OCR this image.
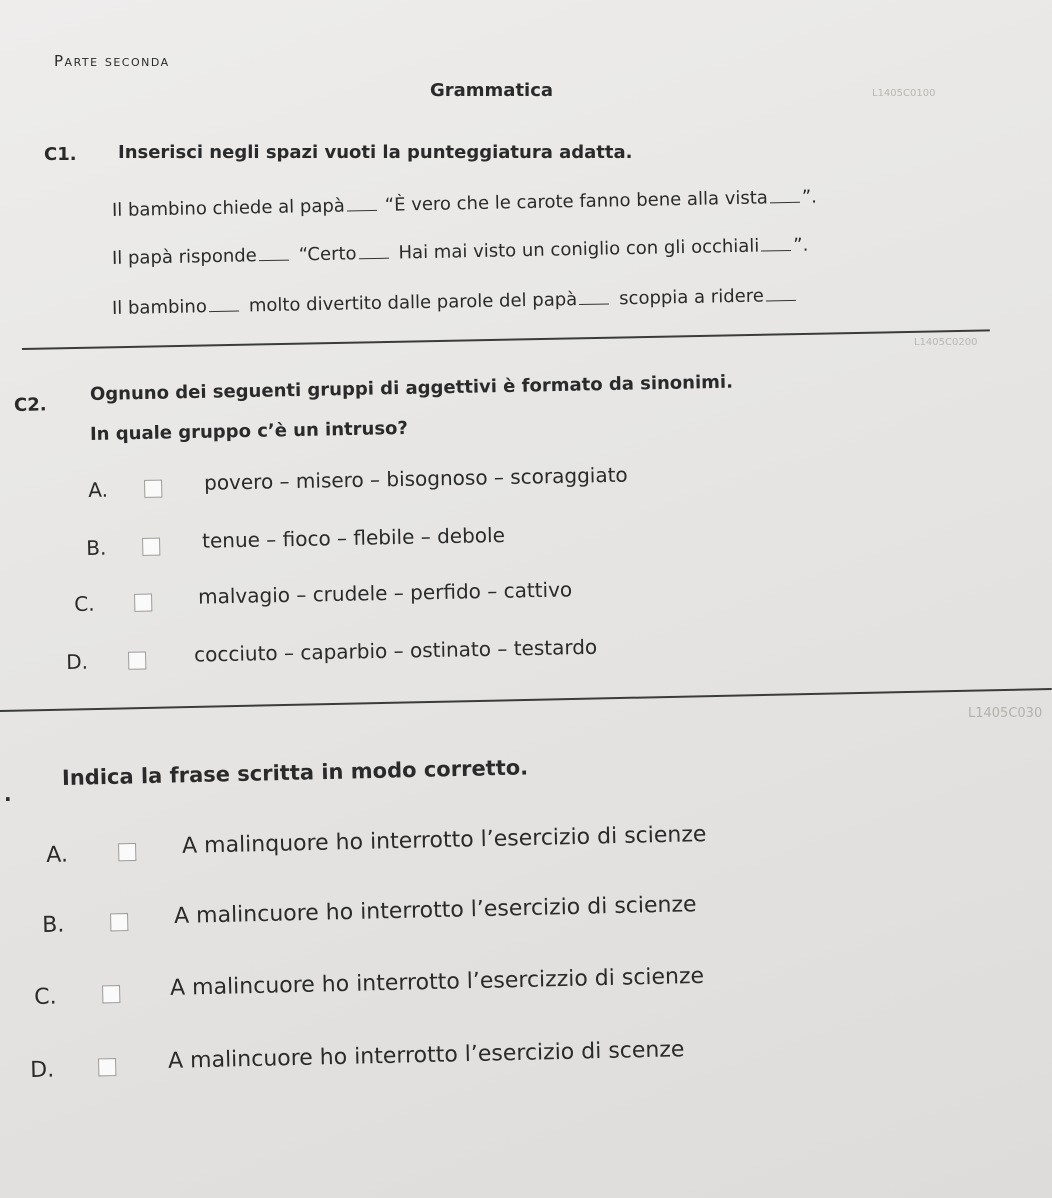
Parte seconda
Grammatica	L1405C0100
C1. Inserisci negli spazi vuoti la punteggiatura adatta.
Il bambino chiede al papà “È vero che le carote fanno bene alla vista ”.
Il papà risponde “Certo Hai mai visto un coniglio con gli occhiali ”.
Il bambino molto divertito dalle parole del papà scoppia a ridere
L1405C0200
C2.
Ognuno dei seguenti gruppi di aggettivi è formato da sinonimi.
In quale gruppo c’è un intruso?
A.	povero – misero – bisognoso – scoraggiato
B.	tenue – fioco – flebile – debole
C.	malvagio – crudele – perfido – cattivo
D.	cocciuto – caparbio – ostinato – testardo
L1405C030
.
Indica la frase scritta in modo corretto.
A.	A malinquore ho interrotto l’esercizio di scienze
B.	A malincuore ho interrotto l’esercizio di scienze
C.	A malincuore ho interrotto l’esercizzio di scienze
D.	A malincuore ho interrotto l’esercizio di scenze
